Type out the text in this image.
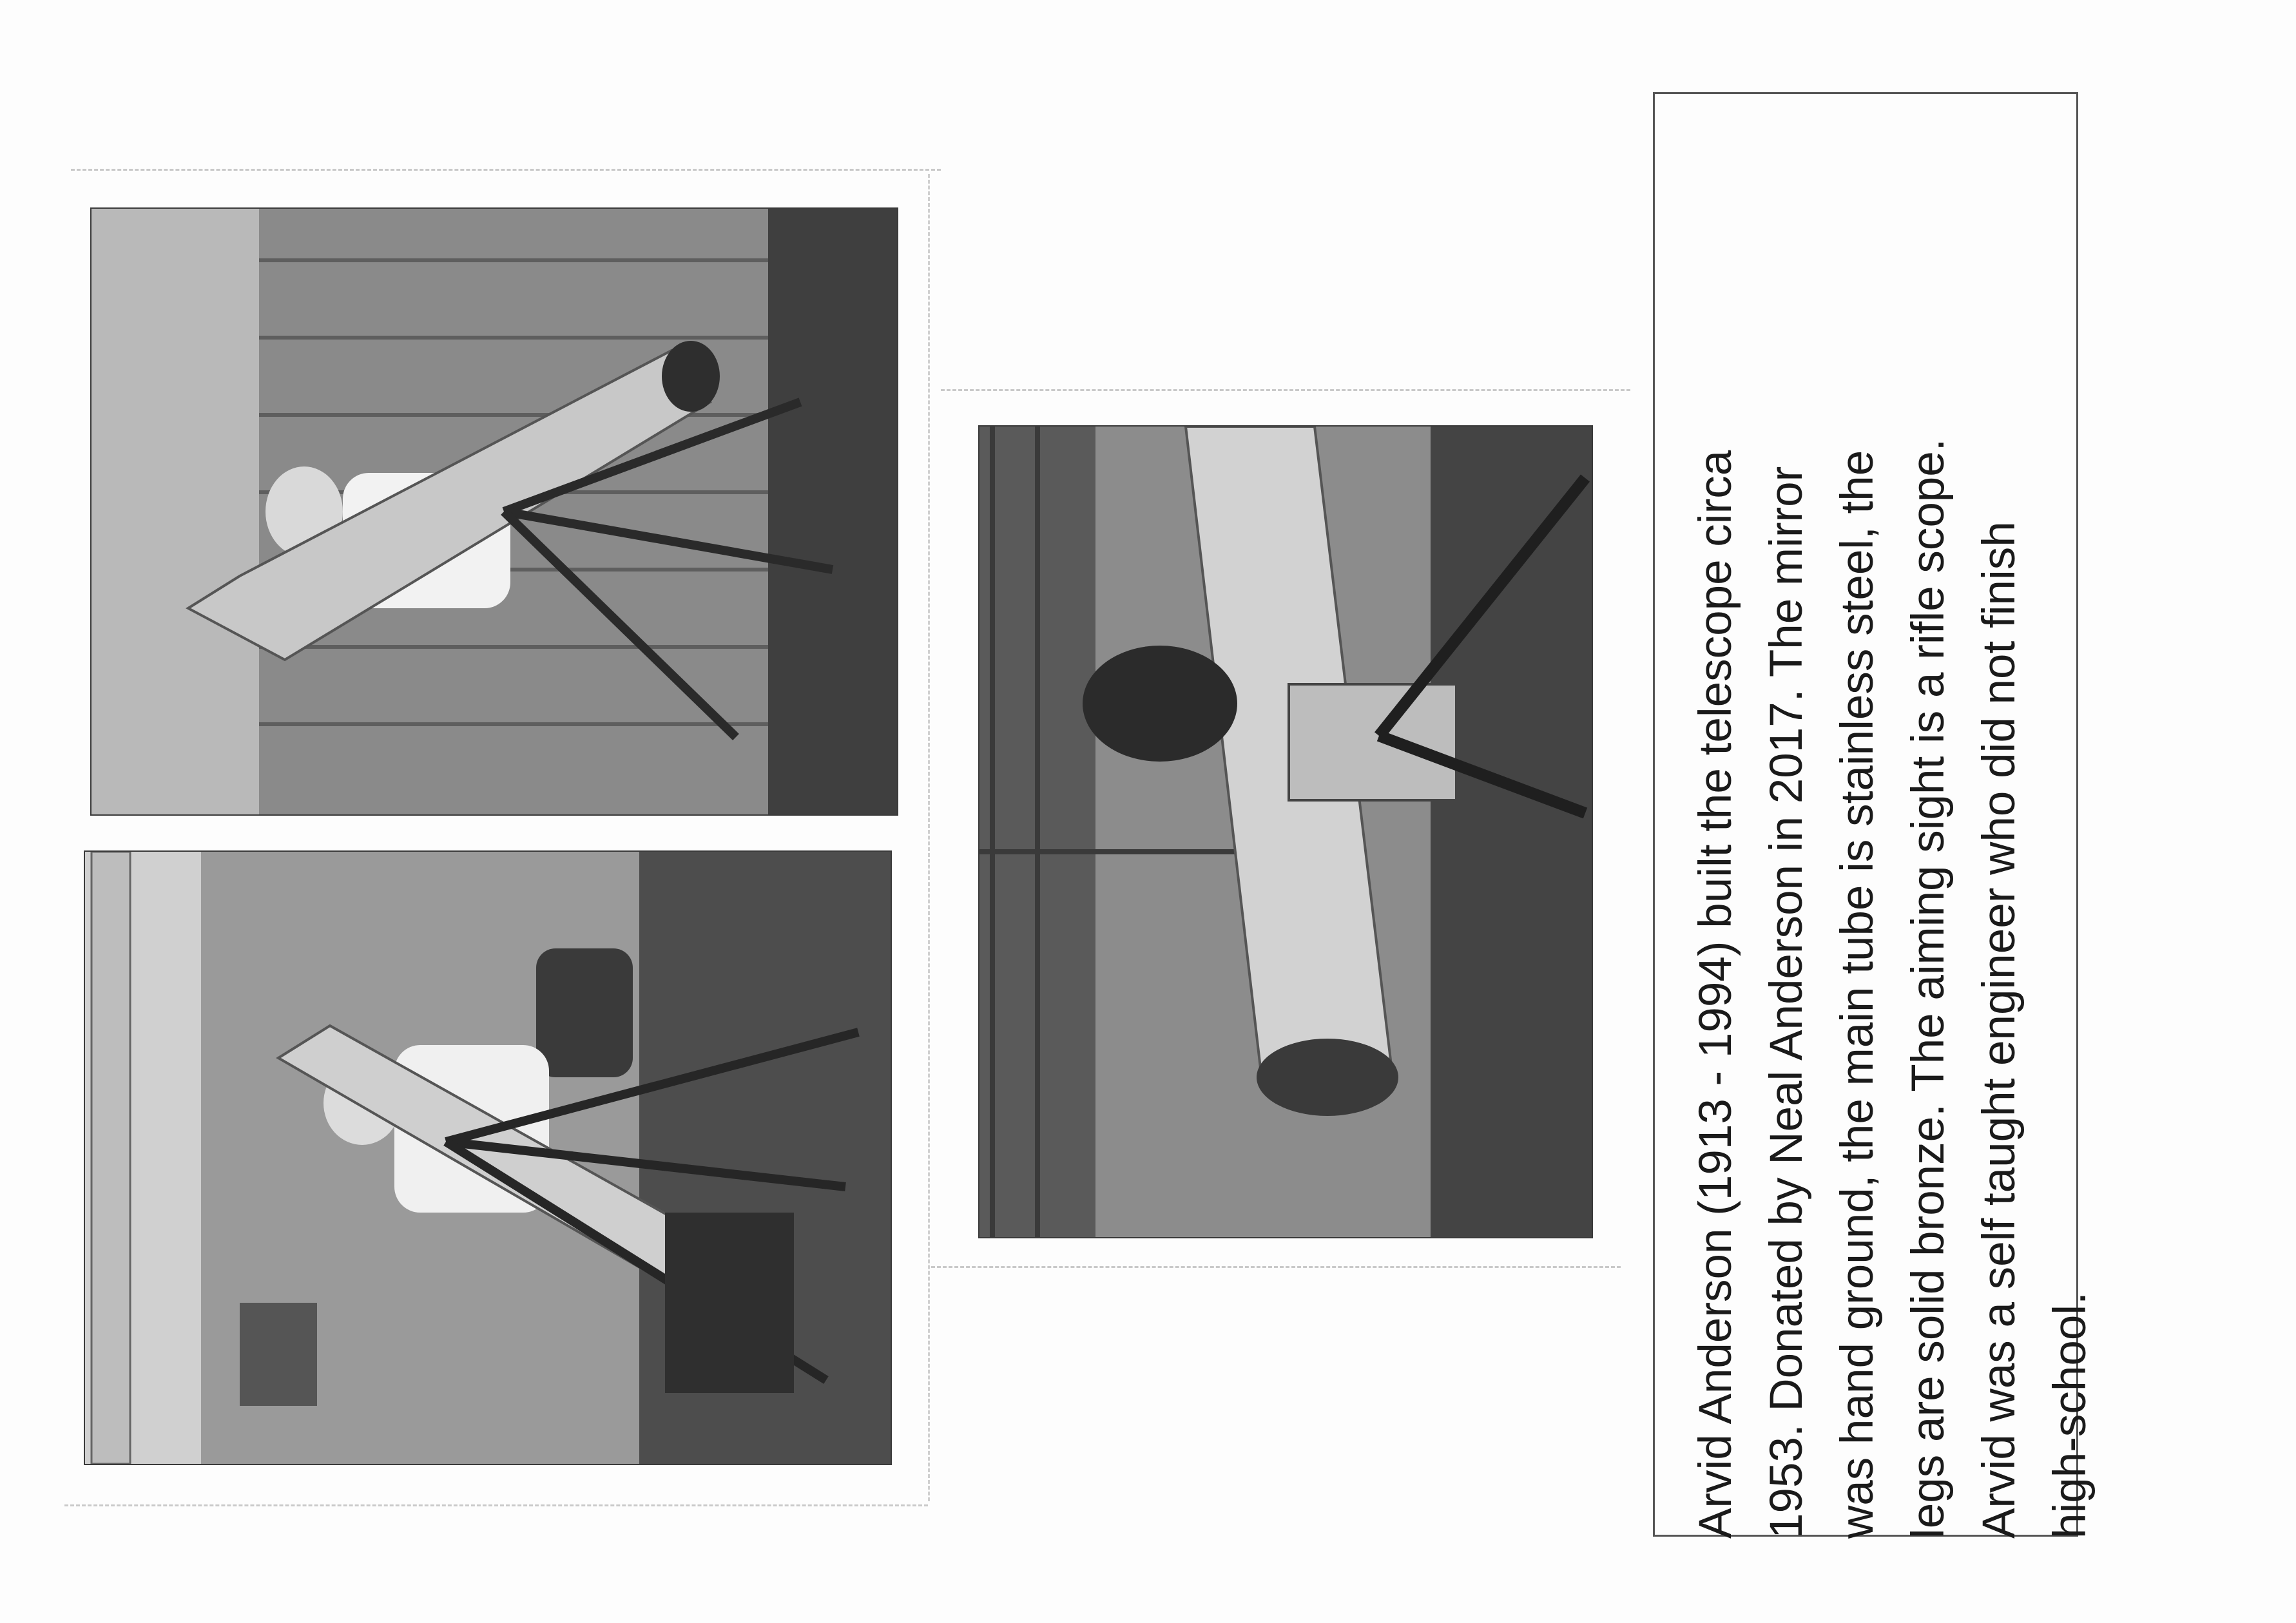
Arvid Anderson (1913 - 1994) built the telescope circa
1953. Donated by Neal Anderson in 2017. The mirror
was hand ground, the main tube is stainless steel, the
legs are solid bronze. The aiming sight is a rifle scope.
Arvid was a self taught engineer who did not finish
high-school.
